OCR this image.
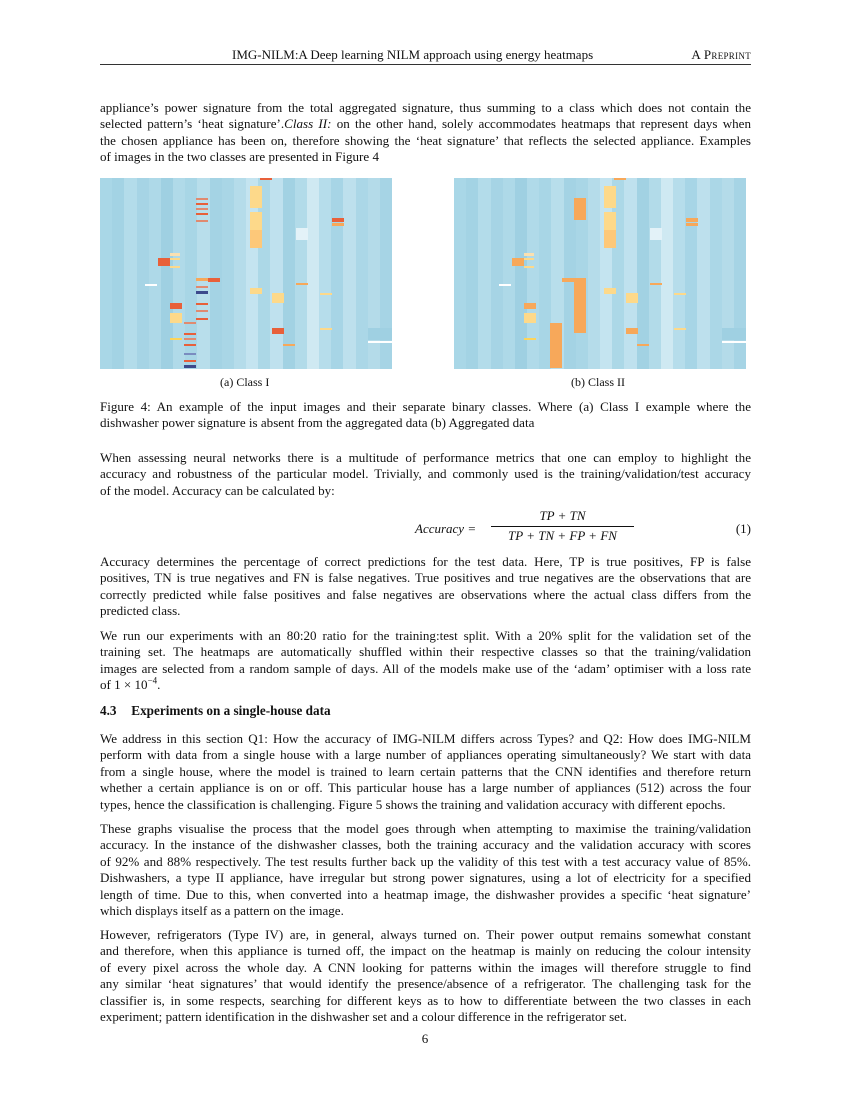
IMG-NILM:A Deep learning NILM approach using energy heatmaps	A Preprint
appliance’s power signature from the total aggregated signature, thus summing to a class which does not contain the
selected pattern’s ‘heat signature’.Class II: on the other hand, solely accommodates heatmaps that represent days when
the chosen appliance has been on, therefore showing the ‘heat signature’ that reflects the selected appliance. Examples
of images in the two classes are presented in Figure 4
(a) Class I	(b) Class II
Figure 4: An example of the input images and their separate binary classes. Where (a) Class I example where the
dishwasher power signature is absent from the aggregated data (b) Aggregated data
When assessing neural networks there is a multitude of performance metrics that one can employ to highlight the
accuracy and robustness of the particular model. Trivially, and commonly used is the training/validation/test accuracy
of the model. Accuracy can be calculated by:
Accuracy =
TP + TN
TP + TN + FP + FN	(1)
Accuracy determines the percentage of correct predictions for the test data. Here, TP is true positives, FP is false
positives, TN is true negatives and FN is false negatives. True positives and true negatives are the observations that are
correctly predicted while false positives and false negatives are observations where the actual class differs from the
predicted class.
We run our experiments with an 80:20 ratio for the training:test split. With a 20% split for the validation set of the
training set. The heatmaps are automatically shuffled within their respective classes so that the training/validation
images are selected from a random sample of days. All of the models make use of the ‘adam’ optimiser with a loss rate
of $1 \times 10^{-4}$.
4.3 Experiments on a single-house data
We address in this section Q1: How the accuracy of IMG-NILM differs across Types? and Q2: How does IMG-NILM
perform with data from a single house with a large number of appliances operating simultaneously? We start with data
from a single house, where the model is trained to learn certain patterns that the CNN identifies and therefore return
whether a certain appliance is on or off. This particular house has a large number of appliances (512) across the four
types, hence the classification is challenging. Figure 5 shows the training and validation accuracy with different epochs.
These graphs visualise the process that the model goes through when attempting to maximise the training/validation
accuracy. In the instance of the dishwasher classes, both the training accuracy and the validation accuracy with scores
of 92% and 88% respectively. The test results further back up the validity of this test with a test accuracy value of 85%.
Dishwashers, a type II appliance, have irregular but strong power signatures, using a lot of electricity for a specified
length of time. Due to this, when converted into a heatmap image, the dishwasher provides a specific ‘heat signature’
which displays itself as a pattern on the image.
However, refrigerators (Type IV) are, in general, always turned on. Their power output remains somewhat constant
and therefore, when this appliance is turned off, the impact on the heatmap is mainly on reducing the colour intensity
of every pixel across the whole day. A CNN looking for patterns within the images will therefore struggle to find
any similar ‘heat signatures’ that would identify the presence/absence of a refrigerator. The challenging task for the
classifier is, in some respects, searching for different keys as to how to differentiate between the two classes in each
experiment; pattern identification in the dishwasher set and a colour difference in the refrigerator set.
6
